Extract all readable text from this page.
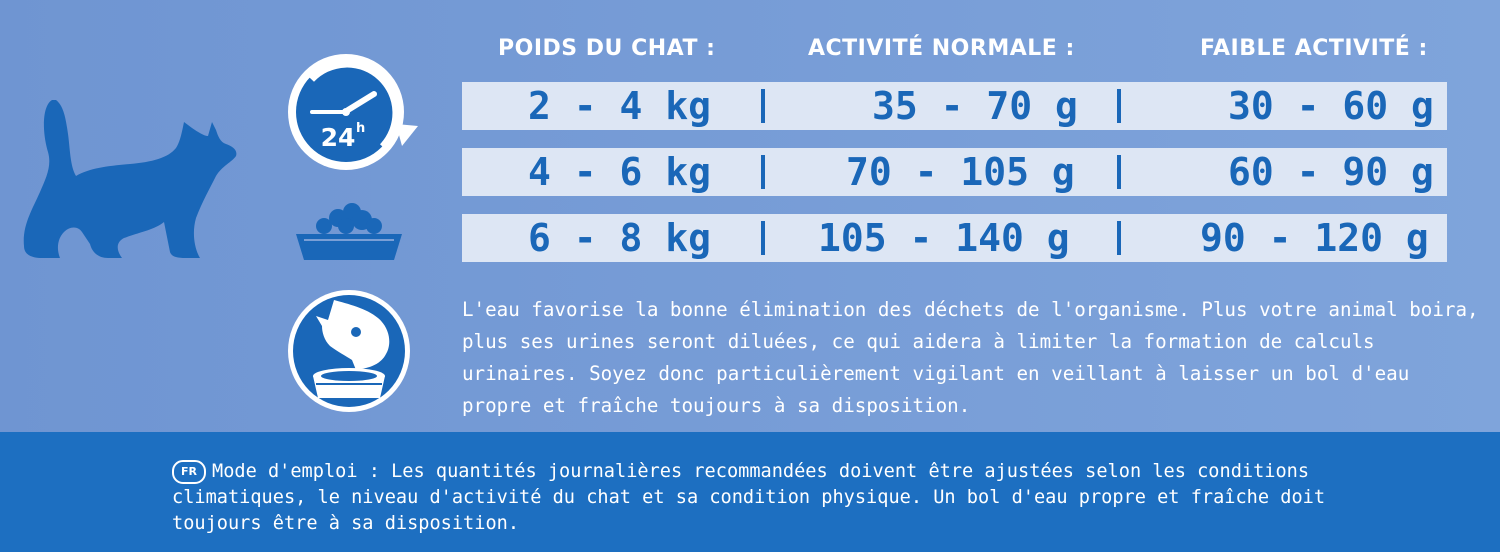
24 h
POIDS DU CHAT :	ACTIVITÉ NORMALE :	FAIBLE ACTIVITÉ :
2 - 4 kg	35 - 70 g	30 - 60 g
4 - 6 kg	70 - 105 g	60 - 90 g
6 - 8 kg	105 - 140 g	90 - 120 g
L'eau favorise la bonne élimination des déchets de l'organisme. Plus votre animal boira, plus ses urines seront diluées, ce qui aidera à limiter la formation de calculs urinaires. Soyez donc particulièrement vigilant en veillant à laisser un bol d'eau propre et fraîche toujours à sa disposition.
FR Mode d'emploi : Les quantités journalières recommandées doivent être ajustées selon les conditions climatiques, le niveau d'activité du chat et sa condition physique. Un bol d'eau propre et fraîche doit toujours être à sa disposition.
